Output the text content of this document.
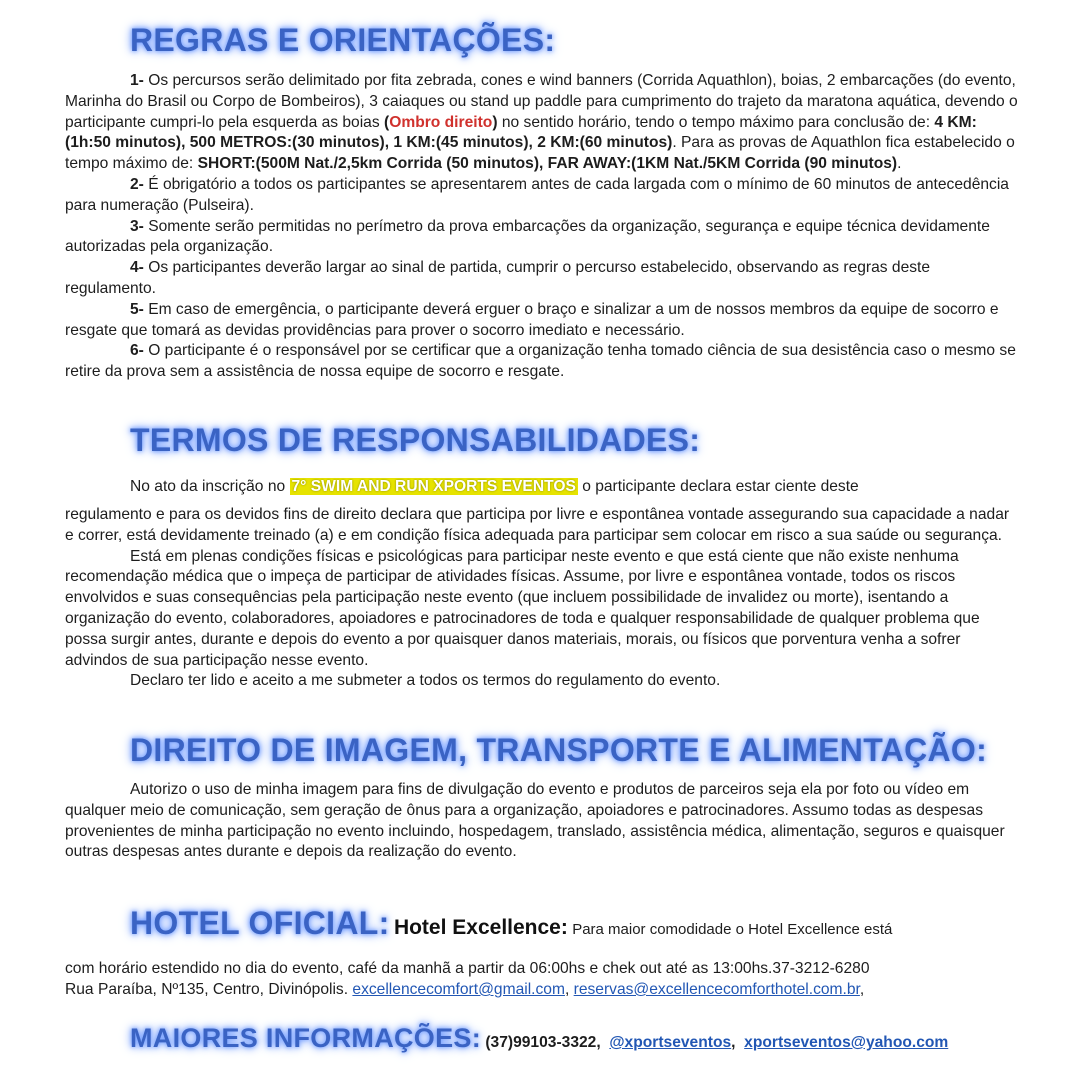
REGRAS E ORIENTAÇÕES:

1- Os percursos serão delimitado por fita zebrada, cones e wind banners (Corrida Aquathlon), boias, 2 embarcações (do evento, Marinha do Brasil ou Corpo de Bombeiros), 3 caiaques ou stand up paddle para cumprimento do trajeto da maratona aquática, devendo o participante cumpri-lo pela esquerda as boias (Ombro direito) no sentido horário, tendo o tempo máximo para conclusão de: 4 KM:(1h:50 minutos), 500 METROS:(30 minutos), 1 KM:(45 minutos), 2 KM:(60 minutos). Para as provas de Aquathlon fica estabelecido o tempo máximo de: SHORT:(500M Nat./2,5km Corrida (50 minutos), FAR AWAY:(1KM Nat./5KM Corrida (90 minutos).

2- É obrigatório a todos os participantes se apresentarem antes de cada largada com o mínimo de 60 minutos de antecedência para numeração (Pulseira).

3- Somente serão permitidas no perímetro da prova embarcações da organização, segurança e equipe técnica devidamente autorizadas pela organização.

4- Os participantes deverão largar ao sinal de partida, cumprir o percurso estabelecido, observando as regras deste regulamento.

5- Em caso de emergência, o participante deverá erguer o braço e sinalizar a um de nossos membros da equipe de socorro e resgate que tomará as devidas providências para prover o socorro imediato e necessário.

6- O participante é o responsável por se certificar que a organização tenha tomado ciência de sua desistência caso o mesmo se retire da prova sem a assistência de nossa equipe de socorro e resgate.

TERMOS DE RESPONSABILIDADES:
No ato da inscrição no 7° SWIM AND RUN XPORTS EVENTOS o participante declara estar ciente deste

regulamento e para os devidos fins de direito declara que participa por livre e espontânea vontade assegurando sua capacidade a nadar e correr, está devidamente treinado (a) e em condição física adequada para participar sem colocar em risco a sua saúde ou segurança.

Está em plenas condições físicas e psicológicas para participar neste evento e que está ciente que não existe nenhuma recomendação médica que o impeça de participar de atividades físicas. Assume, por livre e espontânea vontade, todos os riscos envolvidos e suas consequências pela participação neste evento (que incluem possibilidade de invalidez ou morte), isentando a organização do evento, colaboradores, apoiadores e patrocinadores de toda e qualquer responsabilidade de qualquer problema que possa surgir antes, durante e depois do evento a por quaisquer danos materiais, morais, ou físicos que porventura venha a sofrer advindos de sua participação nesse evento.

Declaro ter lido e aceito a me submeter a todos os termos do regulamento do evento.

DIREITO DE IMAGEM, TRANSPORTE E ALIMENTAÇÃO:

Autorizo o uso de minha imagem para fins de divulgação do evento e produtos de parceiros seja ela por foto ou vídeo em qualquer meio de comunicação, sem geração de ônus para a organização, apoiadores e patrocinadores. Assumo todas as despesas provenientes de minha participação no evento incluindo, hospedagem, translado, assistência médica, alimentação, seguros e quaisquer outras despesas antes durante e depois da realização do evento.

HOTEL OFICIAL: Hotel Excellence: Para maior comodidade o Hotel Excellence está
com horário estendido no dia do evento, café da manhã a partir da 06:00hs e chek out até as 13:00hs.37-3212-6280
Rua Paraíba, Nº135, Centro, Divinópolis. excellencecomfort@gmail.com, reservas@excellencecomforthotel.com.br,
MAIORES INFORMAÇÕES: (37)99103-3322, @xportseventos, xportseventos@yahoo.com
